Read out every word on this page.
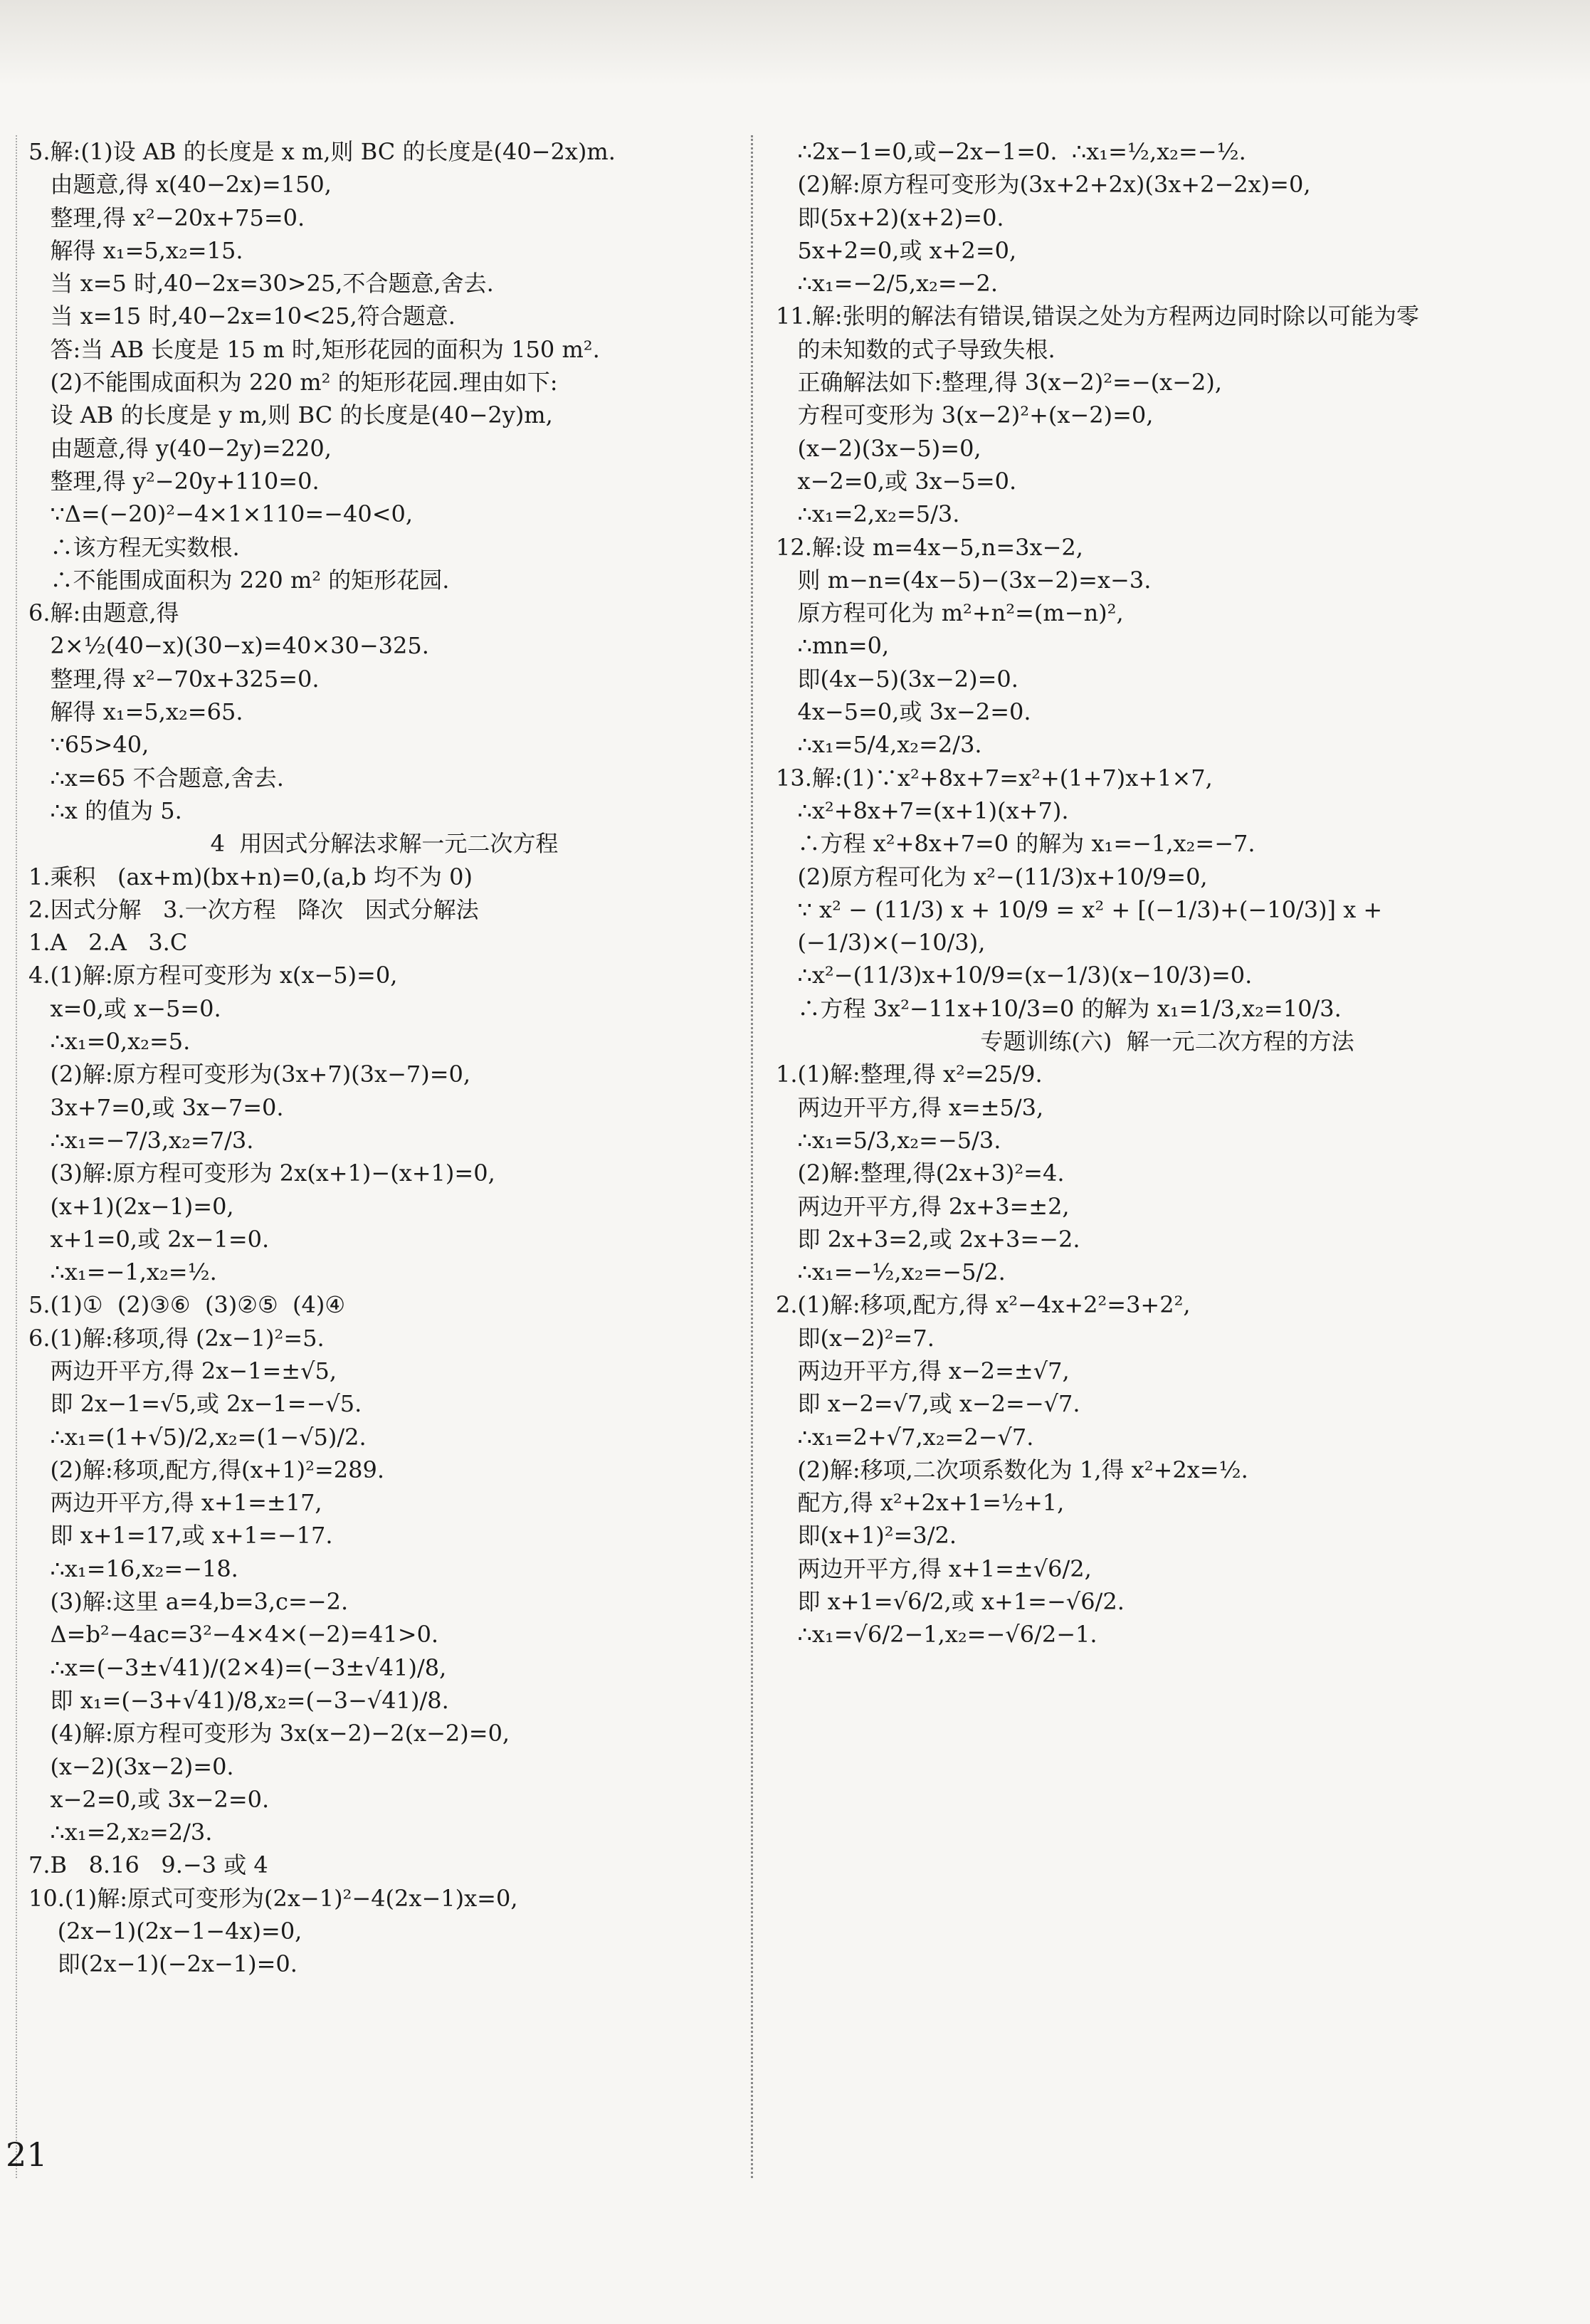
5.解:(1)设 AB 的长度是 x m,则 BC 的长度是(40−2x)m.
由题意,得 x(40−2x)=150,
整理,得 x²−20x+75=0.
解得 x₁=5,x₂=15.
当 x=5 时,40−2x=30>25,不合题意,舍去.
当 x=15 时,40−2x=10<25,符合题意.
答:当 AB 长度是 15 m 时,矩形花园的面积为 150 m².
(2)不能围成面积为 220 m² 的矩形花园.理由如下:
设 AB 的长度是 y m,则 BC 的长度是(40−2y)m,
由题意,得 y(40−2y)=220,
整理,得 y²−20y+110=0.
∵Δ=(−20)²−4×1×110=−40<0,
∴该方程无实数根.
∴不能围成面积为 220 m² 的矩形花园.
6.解:由题意,得
2×½(40−x)(30−x)=40×30−325.
整理,得 x²−70x+325=0.
解得 x₁=5,x₂=65.
∵65>40,
∴x=65 不合题意,舍去.
∴x 的值为 5.
4  用因式分解法求解一元二次方程
1.乘积   (ax+m)(bx+n)=0,(a,b 均不为 0)
2.因式分解   3.一次方程   降次   因式分解法
1.A   2.A   3.C
4.(1)解:原方程可变形为 x(x−5)=0,
x=0,或 x−5=0.
∴x₁=0,x₂=5.
(2)解:原方程可变形为(3x+7)(3x−7)=0,
3x+7=0,或 3x−7=0.
∴x₁=−7/3,x₂=7/3.
(3)解:原方程可变形为 2x(x+1)−(x+1)=0,
(x+1)(2x−1)=0,
x+1=0,或 2x−1=0.
∴x₁=−1,x₂=½.
5.(1)①  (2)③⑥  (3)②⑤  (4)④
6.(1)解:移项,得 (2x−1)²=5.
两边开平方,得 2x−1=±√5,
即 2x−1=√5,或 2x−1=−√5.
∴x₁=(1+√5)/2,x₂=(1−√5)/2.
(2)解:移项,配方,得(x+1)²=289.
两边开平方,得 x+1=±17,
即 x+1=17,或 x+1=−17.
∴x₁=16,x₂=−18.
(3)解:这里 a=4,b=3,c=−2.
Δ=b²−4ac=3²−4×4×(−2)=41>0.
∴x=(−3±√41)/(2×4)=(−3±√41)/8,
即 x₁=(−3+√41)/8,x₂=(−3−√41)/8.
(4)解:原方程可变形为 3x(x−2)−2(x−2)=0,
(x−2)(3x−2)=0.
x−2=0,或 3x−2=0.
∴x₁=2,x₂=2/3.
7.B   8.16   9.−3 或 4
10.(1)解:原式可变形为(2x−1)²−4(2x−1)x=0,
(2x−1)(2x−1−4x)=0,
即(2x−1)(−2x−1)=0.
∴2x−1=0,或−2x−1=0.  ∴x₁=½,x₂=−½.
(2)解:原方程可变形为(3x+2+2x)(3x+2−2x)=0,
即(5x+2)(x+2)=0.
5x+2=0,或 x+2=0,
∴x₁=−2/5,x₂=−2.
11.解:张明的解法有错误,错误之处为方程两边同时除以可能为零
的未知数的式子导致失根.
正确解法如下:整理,得 3(x−2)²=−(x−2),
方程可变形为 3(x−2)²+(x−2)=0,
(x−2)(3x−5)=0,
x−2=0,或 3x−5=0.
∴x₁=2,x₂=5/3.
12.解:设 m=4x−5,n=3x−2,
则 m−n=(4x−5)−(3x−2)=x−3.
原方程可化为 m²+n²=(m−n)²,
∴mn=0,
即(4x−5)(3x−2)=0.
4x−5=0,或 3x−2=0.
∴x₁=5/4,x₂=2/3.
13.解:(1)∵x²+8x+7=x²+(1+7)x+1×7,
∴x²+8x+7=(x+1)(x+7).
∴方程 x²+8x+7=0 的解为 x₁=−1,x₂=−7.
(2)原方程可化为 x²−(11/3)x+10/9=0,
∵ x² − (11/3) x + 10/9 = x² + [(−1/3)+(−10/3)] x +
(−1/3)×(−10/3),
∴x²−(11/3)x+10/9=(x−1/3)(x−10/3)=0.
∴方程 3x²−11x+10/3=0 的解为 x₁=1/3,x₂=10/3.
专题训练(六)  解一元二次方程的方法
1.(1)解:整理,得 x²=25/9.
两边开平方,得 x=±5/3,
∴x₁=5/3,x₂=−5/3.
(2)解:整理,得(2x+3)²=4.
两边开平方,得 2x+3=±2,
即 2x+3=2,或 2x+3=−2.
∴x₁=−½,x₂=−5/2.
2.(1)解:移项,配方,得 x²−4x+2²=3+2²,
即(x−2)²=7.
两边开平方,得 x−2=±√7,
即 x−2=√7,或 x−2=−√7.
∴x₁=2+√7,x₂=2−√7.
(2)解:移项,二次项系数化为 1,得 x²+2x=½.
配方,得 x²+2x+1=½+1,
即(x+1)²=3/2.
两边开平方,得 x+1=±√6/2,
即 x+1=√6/2,或 x+1=−√6/2.
∴x₁=√6/2−1,x₂=−√6/2−1.
21
